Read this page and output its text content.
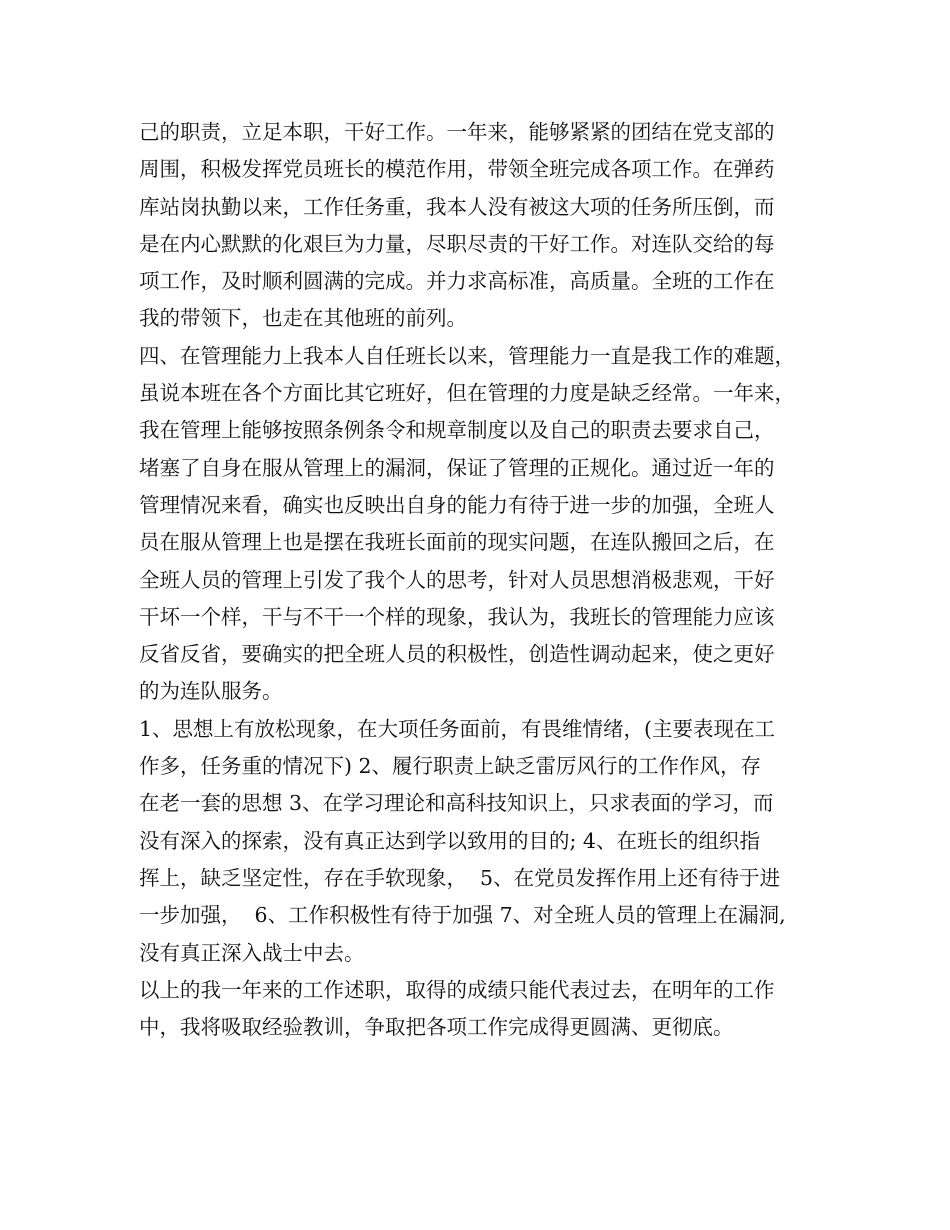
己的职责，立足本职，干好工作。一年来，能够紧紧的团结在党支部的
周围，积极发挥党员班长的模范作用，带领全班完成各项工作。在弹药
库站岗执勤以来，工作任务重，我本人没有被这大项的任务所压倒，而
是在内心默默的化艰巨为力量，尽职尽责的干好工作。对连队交给的每
项工作，及时顺利圆满的完成。并力求高标准，高质量。全班的工作在
我的带领下，也走在其他班的前列。
四、在管理能力上我本人自任班长以来，管理能力一直是我工作的难题，
虽说本班在各个方面比其它班好，但在管理的力度是缺乏经常。一年来，
我在管理上能够按照条例条令和规章制度以及自己的职责去要求自己，
堵塞了自身在服从管理上的漏洞，保证了管理的正规化。通过近一年的
管理情况来看，确实也反映出自身的能力有待于进一步的加强，全班人
员在服从管理上也是摆在我班长面前的现实问题，在连队搬回之后，在
全班人员的管理上引发了我个人的思考，针对人员思想消极悲观，干好
干坏一个样，干与不干一个样的现象，我认为，我班长的管理能力应该
反省反省，要确实的把全班人员的积极性，创造性调动起来，使之更好
的为连队服务。
1、思想上有放松现象，在大项任务面前，有畏维情绪，(主要表现在工
作多，任务重的情况下) 2、履行职责上缺乏雷厉风行的工作作风，存
在老一套的思想 3、在学习理论和高科技知识上，只求表面的学习，而
没有深入的探索，没有真正达到学以致用的目的; 4、在班长的组织指
挥上，缺乏坚定性，存在手软现象，  5、在党员发挥作用上还有待于进
一步加强，  6、工作积极性有待于加强 7、对全班人员的管理上在漏洞,
没有真正深入战士中去。
以上的我一年来的工作述职，取得的成绩只能代表过去，在明年的工作
中，我将吸取经验教训，争取把各项工作完成得更圆满、更彻底。
